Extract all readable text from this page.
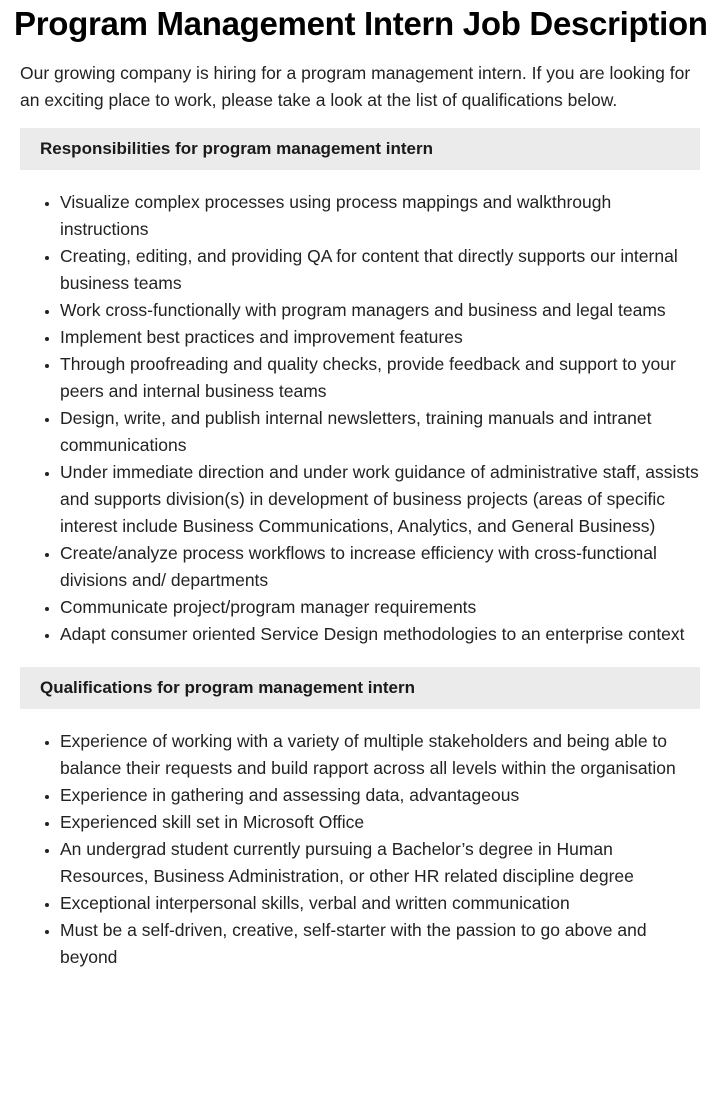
Program Management Intern Job Description

Our growing company is hiring for a program management intern. If you are looking for an exciting place to work, please take a look at the list of qualifications below.

Responsibilities for program management intern
• Visualize complex processes using process mappings and walkthrough instructions
• Creating, editing, and providing QA for content that directly supports our internal business teams
• Work cross-functionally with program managers and business and legal teams
• Implement best practices and improvement features
• Through proofreading and quality checks, provide feedback and support to your peers and internal business teams
• Design, write, and publish internal newsletters, training manuals and intranet communications
• Under immediate direction and under work guidance of administrative staff, assists and supports division(s) in development of business projects (areas of specific interest include Business Communications, Analytics, and General Business)
• Create/analyze process workflows to increase efficiency with cross-functional divisions and/ departments
• Communicate project/program manager requirements
• Adapt consumer oriented Service Design methodologies to an enterprise context
Qualifications for program management intern
• Experience of working with a variety of multiple stakeholders and being able to balance their requests and build rapport across all levels within the organisation
• Experience in gathering and assessing data, advantageous
• Experienced skill set in Microsoft Office
• An undergrad student currently pursuing a Bachelor’s degree in Human Resources, Business Administration, or other HR related discipline degree
• Exceptional interpersonal skills, verbal and written communication
• Must be a self-driven, creative, self-starter with the passion to go above and beyond
